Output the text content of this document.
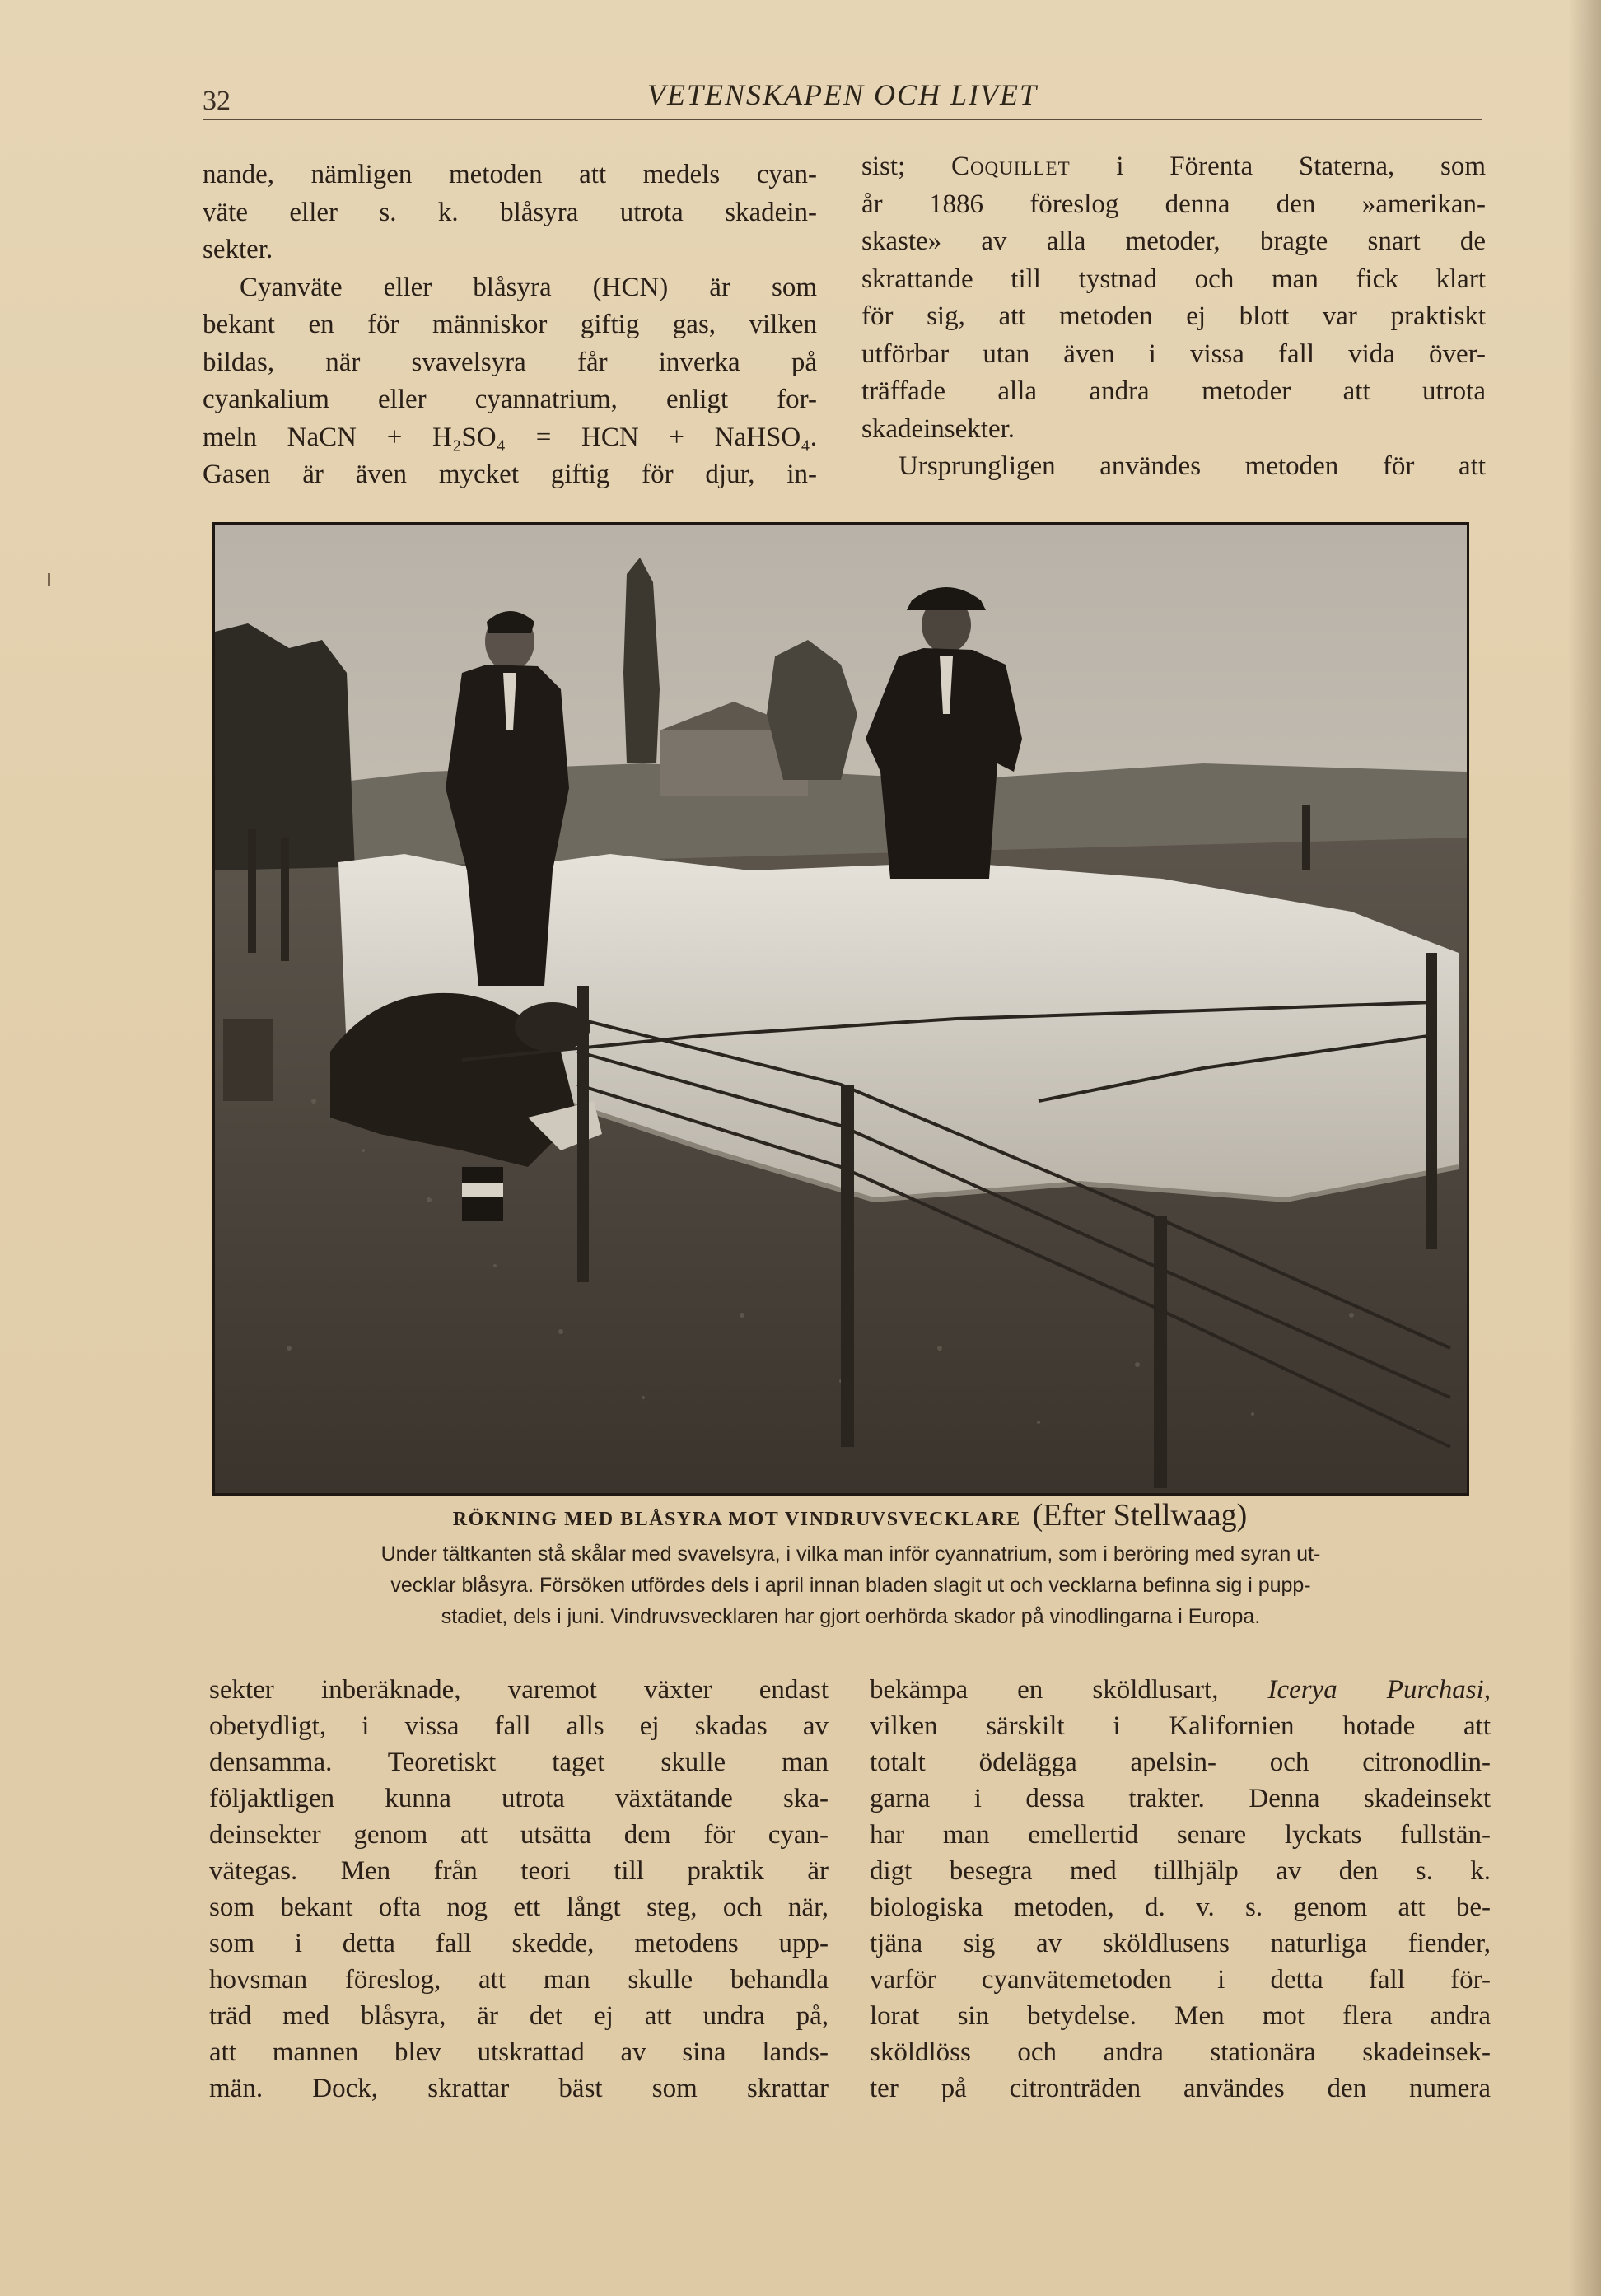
32	VETENSKAPEN OCH LIVET
nande, nämligen metoden att medels cyan-
väte eller s. k. blåsyra utrota skadein-
sekter.
Cyanväte eller blåsyra (HCN) är som
bekant en för människor giftig gas, vilken
bildas, när svavelsyra får inverka på
cyankalium eller cyannatrium, enligt for-
meln NaCN + H₂SO₄ = HCN + NaHSO₄.
Gasen är även mycket giftig för djur, in-
sist; Coquillet i Förenta Staterna, som
år 1886 föreslog denna den »amerikan-
skaste» av alla metoder, bragte snart de
skrattande till tystnad och man fick klart
för sig, att metoden ej blott var praktiskt
utförbar utan även i vissa fall vida över-
träffade alla andra metoder att utrota
skadeinsekter.
Ursprungligen användes metoden för att
RÖKNING MED BLÅSYRA MOT VINDRUVSVECKLARE (Efter Stellwaag)
Under tältkanten stå skålar med svavelsyra, i vilka man inför cyannatrium, som i beröring med syran ut-
vecklar blåsyra. Försöken utfördes dels i april innan bladen slagit ut och vecklarna befinna sig i pupp-
stadiet, dels i juni. Vindruvsvecklaren har gjort oerhörda skador på vinodlingarna i Europa.
sekter inberäknade, varemot växter endast
obetydligt, i vissa fall alls ej skadas av
densamma. Teoretiskt taget skulle man
följaktligen kunna utrota växtätande ska-
deinsekter genom att utsätta dem för cyan-
vätegas. Men från teori till praktik är
som bekant ofta nog ett långt steg, och när,
som i detta fall skedde, metodens upp-
hovsman föreslog, att man skulle behandla
träd med blåsyra, är det ej att undra på,
att mannen blev utskrattad av sina lands-
män. Dock, skrattar bäst som skrattar
bekämpa en sköldlusart, Icerya Purchasi,
vilken särskilt i Kalifornien hotade att
totalt ödelägga apelsin- och citronodlin-
garna i dessa trakter. Denna skadeinsekt
har man emellertid senare lyckats fullstän-
digt besegra med tillhjälp av den s. k.
biologiska metoden, d. v. s. genom att be-
tjäna sig av sköldlusens naturliga fiender,
varför cyanvätemetoden i detta fall för-
lorat sin betydelse. Men mot flera andra
sköldlöss och andra stationära skadeinsek-
ter på citronträden användes den numera
